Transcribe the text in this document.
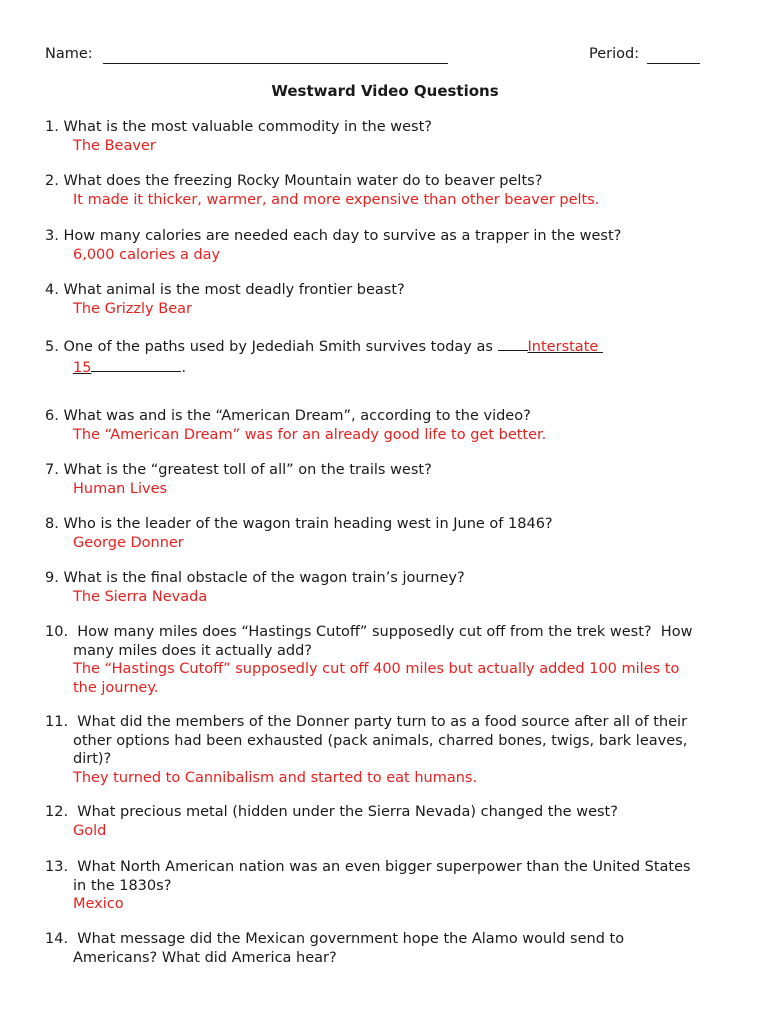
Name:	Period:
Westward Video Questions
1. What is the most valuable commodity in the west?
The Beaver
2. What does the freezing Rocky Mountain water do to beaver pelts?
It made it thicker, warmer, and more expensive than other beaver pelts.
3. How many calories are needed each day to survive as a trapper in the west?
6,000 calories a day
4. What animal is the most deadly frontier beast?
The Grizzly Bear
5. One of the paths used by Jedediah Smith survives today as Interstate
15	.
6. What was and is the “American Dream”, according to the video?
The “American Dream” was for an already good life to get better.
7. What is the “greatest toll of all” on the trails west?
Human Lives
8. Who is the leader of the wagon train heading west in June of 1846?
George Donner
9. What is the final obstacle of the wagon train’s journey?
The Sierra Nevada
10.  How many miles does “Hastings Cutoff” supposedly cut off from the trek west?  How
many miles does it actually add?
The “Hastings Cutoff” supposedly cut off 400 miles but actually added 100 miles to
the journey.
11.  What did the members of the Donner party turn to as a food source after all of their
other options had been exhausted (pack animals, charred bones, twigs, bark leaves,
dirt)?
They turned to Cannibalism and started to eat humans.
12.  What precious metal (hidden under the Sierra Nevada) changed the west?
Gold
13.  What North American nation was an even bigger superpower than the United States
in the 1830s?
Mexico
14.  What message did the Mexican government hope the Alamo would send to
Americans? What did America hear?
